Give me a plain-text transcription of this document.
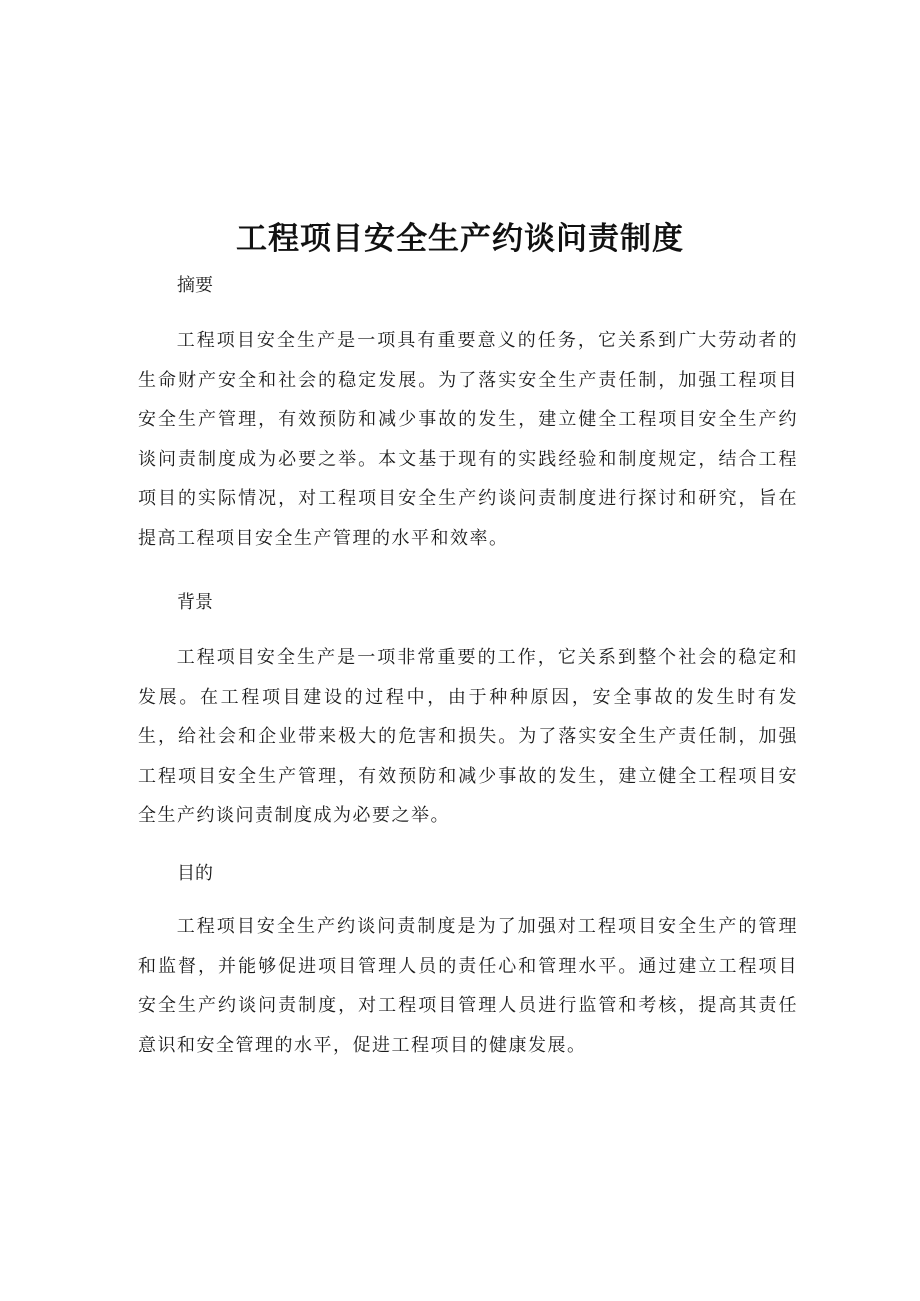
工程项目安全生产约谈问责制度
摘要

工程项目安全生产是一项具有重要意义的任务，它关系到广大劳动者的生命财产安全和社会的稳定发展。为了落实安全生产责任制，加强工程项目安全生产管理，有效预防和减少事故的发生，建立健全工程项目安全生产约谈问责制度成为必要之举。本文基于现有的实践经验和制度规定，结合工程项目的实际情况，对工程项目安全生产约谈问责制度进行探讨和研究，旨在提高工程项目安全生产管理的水平和效率。

背景

工程项目安全生产是一项非常重要的工作，它关系到整个社会的稳定和发展。在工程项目建设的过程中，由于种种原因，安全事故的发生时有发生，给社会和企业带来极大的危害和损失。为了落实安全生产责任制，加强工程项目安全生产管理，有效预防和减少事故的发生，建立健全工程项目安全生产约谈问责制度成为必要之举。

目的

工程项目安全生产约谈问责制度是为了加强对工程项目安全生产的管理和监督，并能够促进项目管理人员的责任心和管理水平。通过建立工程项目安全生产约谈问责制度，对工程项目管理人员进行监管和考核，提高其责任意识和安全管理的水平，促进工程项目的健康发展。
